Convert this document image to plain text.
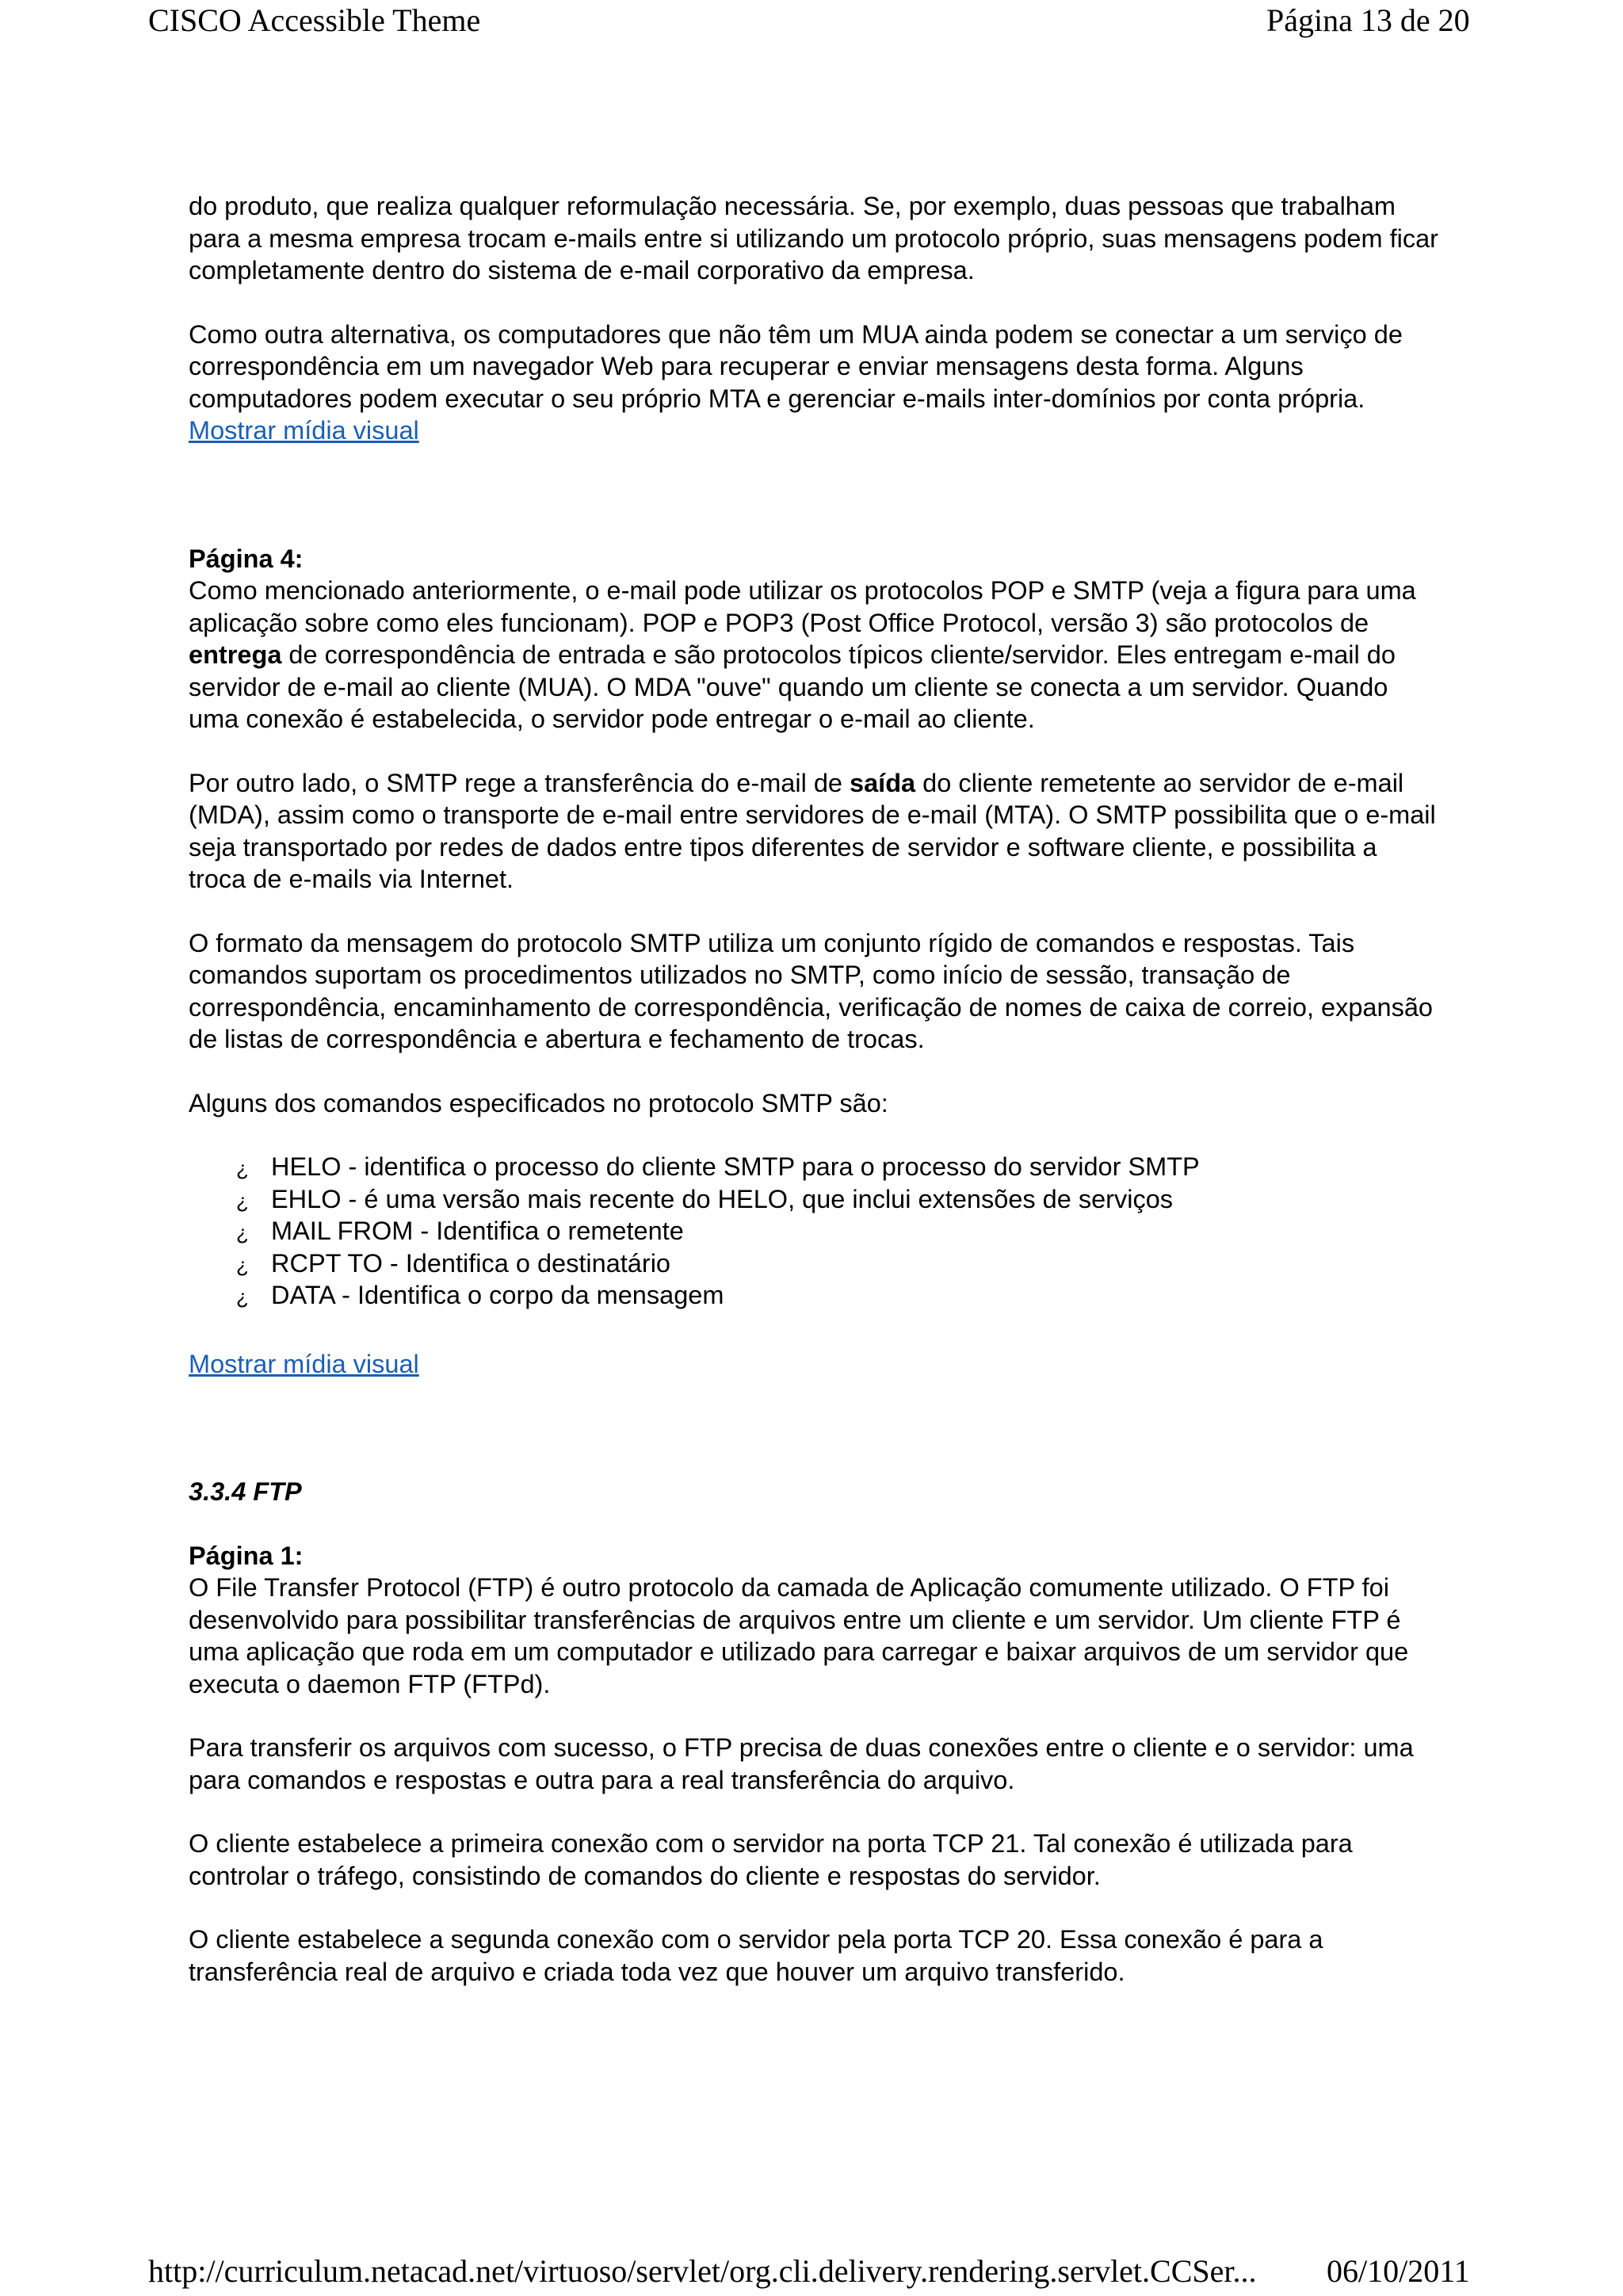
CISCO Accessible Theme	Página 13 de 20

do produto, que realiza qualquer reformulação necessária. Se, por exemplo, duas pessoas que trabalham para a mesma empresa trocam e-mails entre si utilizando um protocolo próprio, suas mensagens podem ficar completamente dentro do sistema de e-mail corporativo da empresa.

Como outra alternativa, os computadores que não têm um MUA ainda podem se conectar a um serviço de correspondência em um navegador Web para recuperar e enviar mensagens desta forma. Alguns computadores podem executar o seu próprio MTA e gerenciar e-mails inter-domínios por conta própria.

Mostrar mídia visual

Página 4:

Como mencionado anteriormente, o e-mail pode utilizar os protocolos POP e SMTP (veja a figura para uma aplicação sobre como eles funcionam). POP e POP3 (Post Office Protocol, versão 3) são protocolos de entrega de correspondência de entrada e são protocolos típicos cliente/servidor. Eles entregam e-mail do servidor de e-mail ao cliente (MUA). O MDA "ouve" quando um cliente se conecta a um servidor. Quando uma conexão é estabelecida, o servidor pode entregar o e-mail ao cliente.

Por outro lado, o SMTP rege a transferência do e-mail de saída do cliente remetente ao servidor de e-mail (MDA), assim como o transporte de e-mail entre servidores de e-mail (MTA). O SMTP possibilita que o e-mail seja transportado por redes de dados entre tipos diferentes de servidor e software cliente, e possibilita a troca de e-mails via Internet.

O formato da mensagem do protocolo SMTP utiliza um conjunto rígido de comandos e respostas. Tais comandos suportam os procedimentos utilizados no SMTP, como início de sessão, transação de correspondência, encaminhamento de correspondência, verificação de nomes de caixa de correio, expansão de listas de correspondência e abertura e fechamento de trocas.

Alguns dos comandos especificados no protocolo SMTP são:

¿ HELO - identifica o processo do cliente SMTP para o processo do servidor SMTP
¿ EHLO - é uma versão mais recente do HELO, que inclui extensões de serviços
¿ MAIL FROM - Identifica o remetente
¿ RCPT TO - Identifica o destinatário
¿ DATA - Identifica o corpo da mensagem

Mostrar mídia visual

3.3.4 FTP

Página 1:

O File Transfer Protocol (FTP) é outro protocolo da camada de Aplicação comumente utilizado. O FTP foi desenvolvido para possibilitar transferências de arquivos entre um cliente e um servidor. Um cliente FTP é uma aplicação que roda em um computador e utilizado para carregar e baixar arquivos de um servidor que executa o daemon FTP (FTPd).

Para transferir os arquivos com sucesso, o FTP precisa de duas conexões entre o cliente e o servidor: uma para comandos e respostas e outra para a real transferência do arquivo.

O cliente estabelece a primeira conexão com o servidor na porta TCP 21. Tal conexão é utilizada para controlar o tráfego, consistindo de comandos do cliente e respostas do servidor.

O cliente estabelece a segunda conexão com o servidor pela porta TCP 20. Essa conexão é para a transferência real de arquivo e criada toda vez que houver um arquivo transferido.

http://curriculum.netacad.net/virtuoso/servlet/org.cli.delivery.rendering.servlet.CCSer... 06/10/2011
